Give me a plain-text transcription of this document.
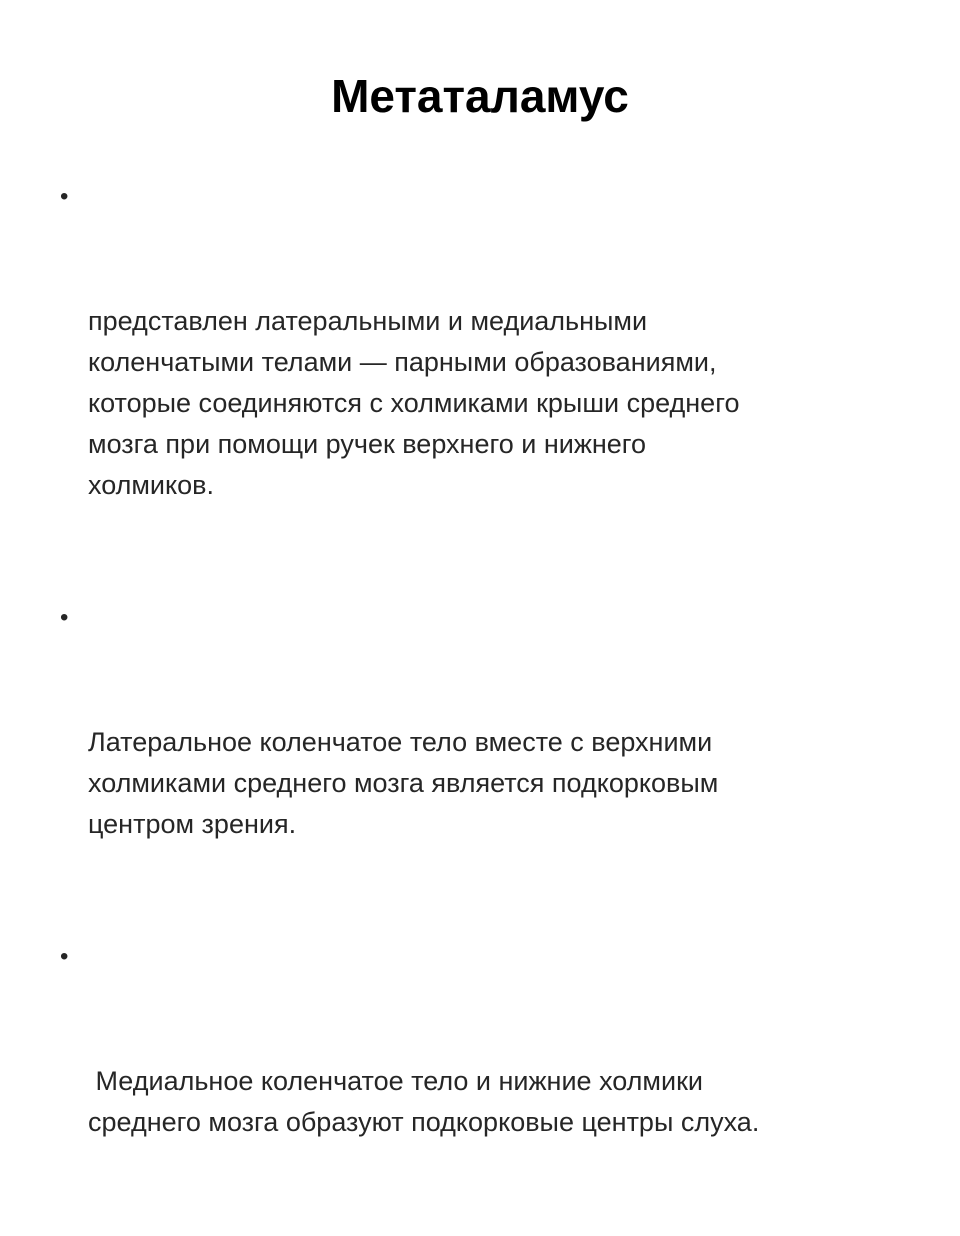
Метаталамус

•

представлен латеральными и медиальными
коленчатыми телами — парными образованиями,
которые соединяются с холмиками крыши среднего
мозга при помощи ручек верхнего и нижнего
холмиков.

•

Латеральное коленчатое тело вместе с верхними
холмиками среднего мозга является подкорковым
центром зрения.

•

Медиальное коленчатое тело и нижние холмики
среднего мозга образуют подкорковые центры слуха.
